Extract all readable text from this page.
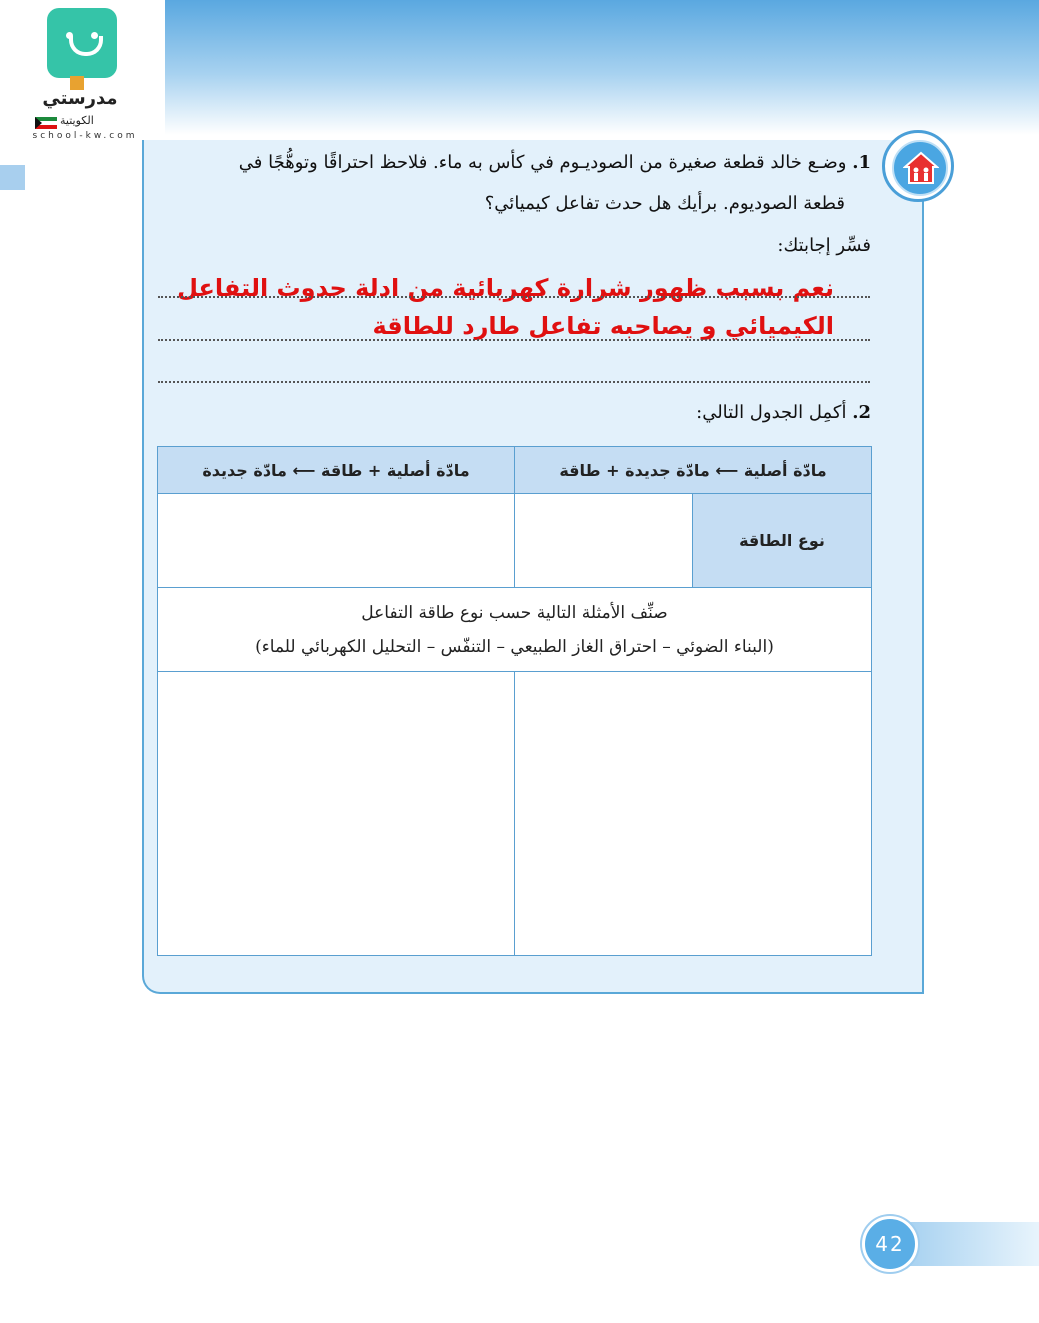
مدرستي
الكويتية
school-kw.com
1. وضـع خالد قطعة صغيرة من الصوديـوم في كأس به ماء. فلاحظ احتراقًا وتوهُّجًا في
قطعة الصوديوم. برأيك هل حدث تفاعل كيميائي؟
فسِّر إجابتك:
نعم بسبب ظهور شرارة كهربائية من ادلة حدوث التفاعل
الكيميائي و يصاحبه تفاعل طارد للطاقة
2. أكمِل الجدول التالي:
مادّة أصلية + طاقة ⟵ مادّة جديدة	مادّة أصلية ⟵ مادّة جديدة + طاقة	
		نوع الطاقة

صنِّف الأمثلة التالية حسب نوع طاقة التفاعل
(البناء الضوئي – احتراق الغاز الطبيعي – التنفّس – التحليل الكهربائي للماء)		

42
